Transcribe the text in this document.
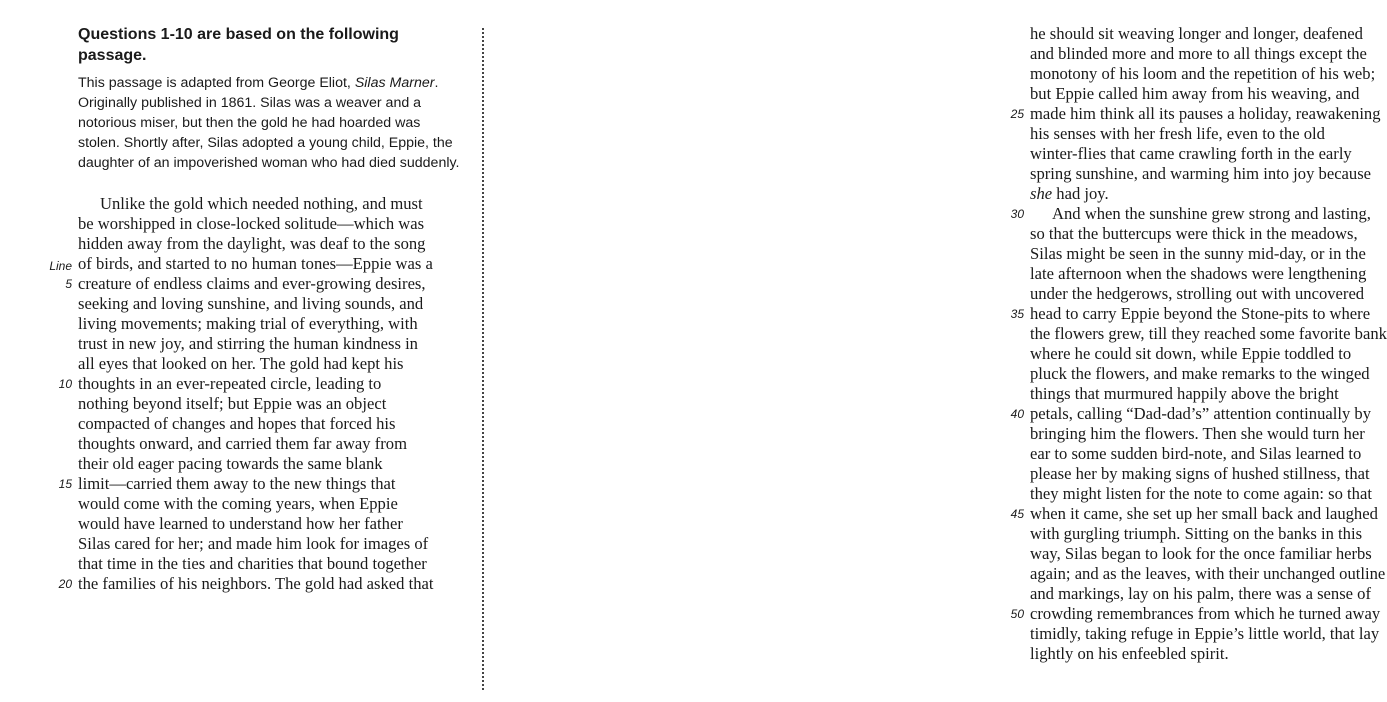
Questions 1-10 are based on the following passage.
This passage is adapted from George Eliot, Silas Marner. Originally published in 1861. Silas was a weaver and a notorious miser, but then the gold he had hoarded was stolen. Shortly after, Silas adopted a young child, Eppie, the daughter of an impoverished woman who had died suddenly.
Unlike the gold which needed nothing, and must
be worshipped in close-locked solitude—which was
hidden away from the daylight, was deaf to the song
of birds, and started to no human tones—Eppie was a
creature of endless claims and ever-growing desires,
seeking and loving sunshine, and living sounds, and
living movements; making trial of everything, with
trust in new joy, and stirring the human kindness in
all eyes that looked on her. The gold had kept his
thoughts in an ever-repeated circle, leading to
nothing beyond itself; but Eppie was an object
compacted of changes and hopes that forced his
thoughts onward, and carried them far away from
their old eager pacing towards the same blank
limit—carried them away to the new things that
would come with the coming years, when Eppie
would have learned to understand how her father
Silas cared for her; and made him look for images of
that time in the ties and charities that bound together
the families of his neighbors. The gold had asked that
Line
5
10
15
20
he should sit weaving longer and longer, deafened
and blinded more and more to all things except the
monotony of his loom and the repetition of his web;
but Eppie called him away from his weaving, and
made him think all its pauses a holiday, reawakening
his senses with her fresh life, even to the old
winter-flies that came crawling forth in the early
spring sunshine, and warming him into joy because
she had joy.
And when the sunshine grew strong and lasting,
so that the buttercups were thick in the meadows,
Silas might be seen in the sunny mid-day, or in the
late afternoon when the shadows were lengthening
under the hedgerows, strolling out with uncovered
head to carry Eppie beyond the Stone-pits to where
the flowers grew, till they reached some favorite bank
where he could sit down, while Eppie toddled to
pluck the flowers, and make remarks to the winged
things that murmured happily above the bright
petals, calling “Dad-dad’s” attention continually by
bringing him the flowers. Then she would turn her
ear to some sudden bird-note, and Silas learned to
please her by making signs of hushed stillness, that
they might listen for the note to come again: so that
when it came, she set up her small back and laughed
with gurgling triumph. Sitting on the banks in this
way, Silas began to look for the once familiar herbs
again; and as the leaves, with their unchanged outline
and markings, lay on his palm, there was a sense of
crowding remembrances from which he turned away
timidly, taking refuge in Eppie’s little world, that lay
lightly on his enfeebled spirit.
25
30
35
40
45
50
